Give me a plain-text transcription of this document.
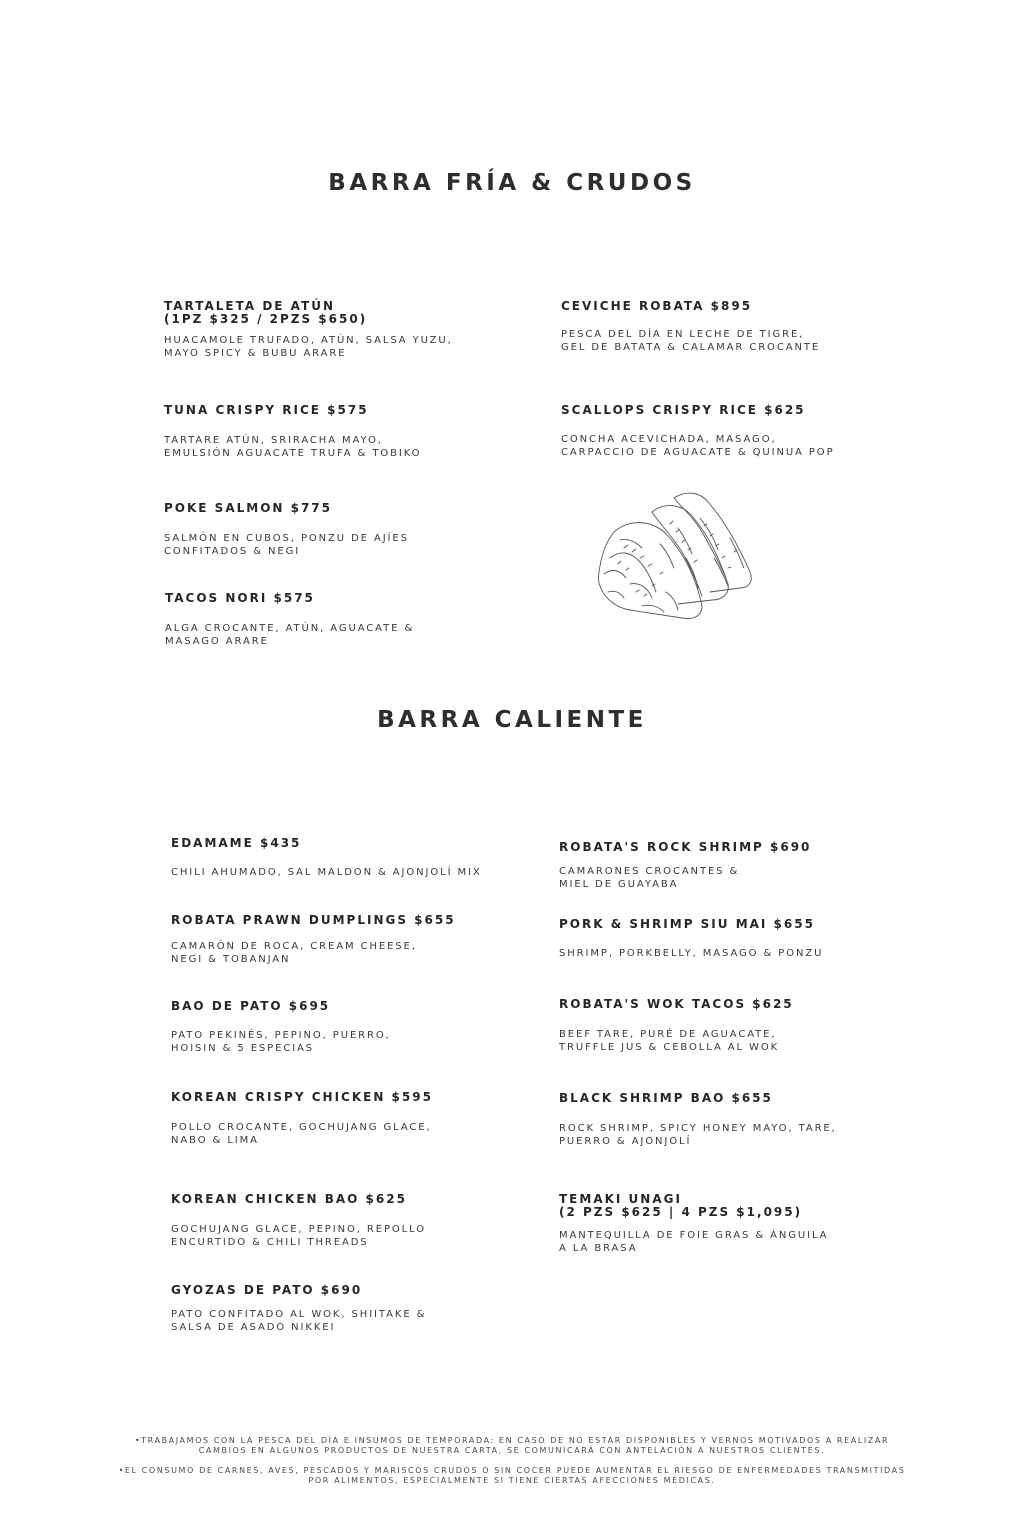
BARRA FRÍA & CRUDOS

TARTALETA DE ATÚN
(1PZ $325 / 2PZS $650)

HUACAMOLE TRUFADO, ATÚN, SALSA YUZU,
MAYO SPICY & BUBU ARARE

CEVICHE ROBATA $895

PESCA DEL DÍA EN LECHE DE TIGRE,
GEL DE BATATA & CALAMAR CROCANTE

TUNA CRISPY RICE $575

TARTARE ATÚN, SRIRACHA MAYO,
EMULSIÓN AGUACATE TRUFA & TOBIKO

SCALLOPS CRISPY RICE $625

CONCHA ACEVICHADA, MASAGO,
CARPACCIO DE AGUACATE & QUINUA POP

POKE SALMON $775

SALMÓN EN CUBOS, PONZU DE AJÍES
CONFITADOS & NEGI

TACOS NORI $575

ALGA CROCANTE, ATÚN, AGUACATE &
MASAGO ARARE

BARRA CALIENTE

EDAMAME $435

CHILI AHUMADO, SAL MALDON & AJONJOLÍ MIX

ROBATA'S ROCK SHRIMP $690

CAMARONES CROCANTES &
MIEL DE GUAYABA

ROBATA PRAWN DUMPLINGS $655

CAMARÓN DE ROCA, CREAM CHEESE,
NEGI & TOBANJAN

PORK & SHRIMP SIU MAI $655

SHRIMP, PORKBELLY, MASAGO & PONZU

BAO DE PATO $695

PATO PEKINÉS, PEPINO, PUERRO,
HOISIN & 5 ESPECIAS

ROBATA'S WOK TACOS $625

BEEF TARE, PURÉ DE AGUACATE,
TRUFFLE JUS & CEBOLLA AL WOK

KOREAN CRISPY CHICKEN $595

POLLO CROCANTE, GOCHUJANG GLACE,
NABO & LIMA

BLACK SHRIMP BAO $655

ROCK SHRIMP, SPICY HONEY MAYO, TARE,
PUERRO & AJONJOLÍ

KOREAN CHICKEN BAO $625

GOCHUJANG GLACE, PEPINO, REPOLLO
ENCURTIDO & CHILI THREADS

TEMAKI UNAGI
(2 PZS $625 | 4 PZS $1,095)

MANTEQUILLA DE FOIE GRAS & ÁNGUILA
A LA BRASA

GYOZAS DE PATO $690

PATO CONFITADO AL WOK, SHIITAKE &
SALSA DE ASADO NIKKEI

•TRABAJAMOS CON LA PESCA DEL DÍA E INSUMOS DE TEMPORADA: EN CASO DE NO ESTAR DISPONIBLES Y VERNOS MOTIVADOS A REALIZAR
CAMBIOS EN ALGUNOS PRODUCTOS DE NUESTRA CARTA, SE COMUNICARÁ CON ANTELACIÓN A NUESTROS CLIENTES.

•EL CONSUMO DE CARNES, AVES, PESCADOS Y MARISCOS CRUDOS O SIN COCER PUEDE AUMENTAR EL RIESGO DE ENFERMEDADES TRANSMITIDAS
POR ALIMENTOS, ESPECIALMENTE SI TIENE CIERTAS AFECCIONES MÉDICAS.
